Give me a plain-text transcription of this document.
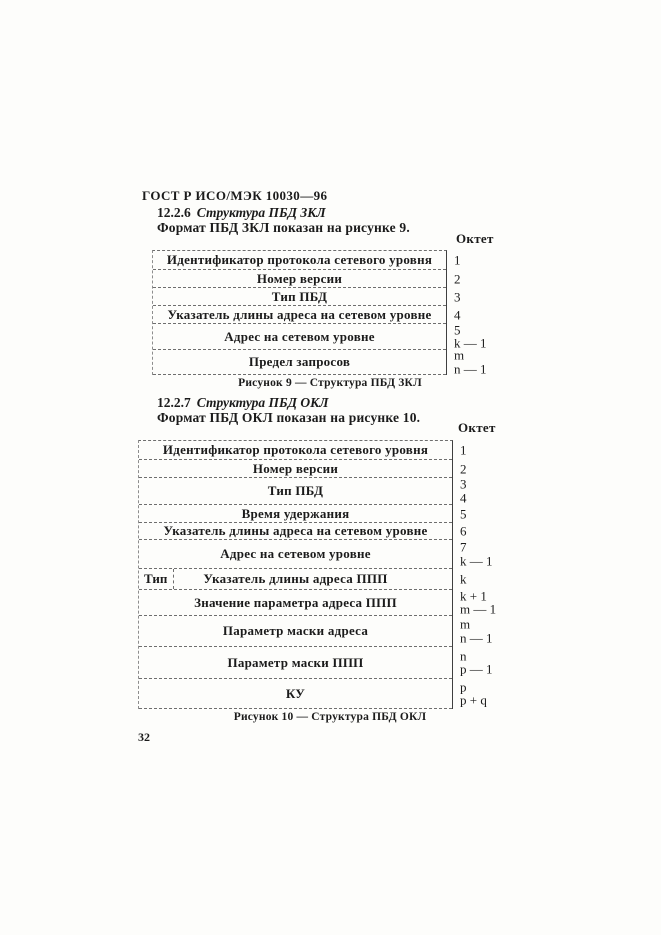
ГОСТ Р ИСО/МЭК 10030—96
12.2.6 Структура ПБД ЗКЛ
Формат ПБД ЗКЛ показан на рисунке 9.
Октет
Идентификатор протокола сетевого уровня 1
Номер версии	2
Тип ПБД	3
Указатель длины адреса на сетевом уровне 4
Адрес на сетевом уровне	5
k — 1
Предел запросов	m
n — 1
Рисунок 9 — Структура ПБД ЗКЛ
12.2.7 Структура ПБД ОКЛ
Формат ПБД ОКЛ показан на рисунке 10.
Октет
Идентификатор протокола сетевого уровня 1
Номер версии	2
Тип ПБД	3
4
Время удержания	5
Указатель длины адреса на сетевом уровне	6
Адрес на сетевом уровне	7
k — 1
Тип	Указатель длины адреса ППП	k
Значение параметра адреса ППП	k + 1
m — 1
Параметр маски адреса	m
n — 1
Параметр маски ППП	n
p — 1
КУ	p
p + q
Рисунок 10 — Структура ПБД ОКЛ
32
